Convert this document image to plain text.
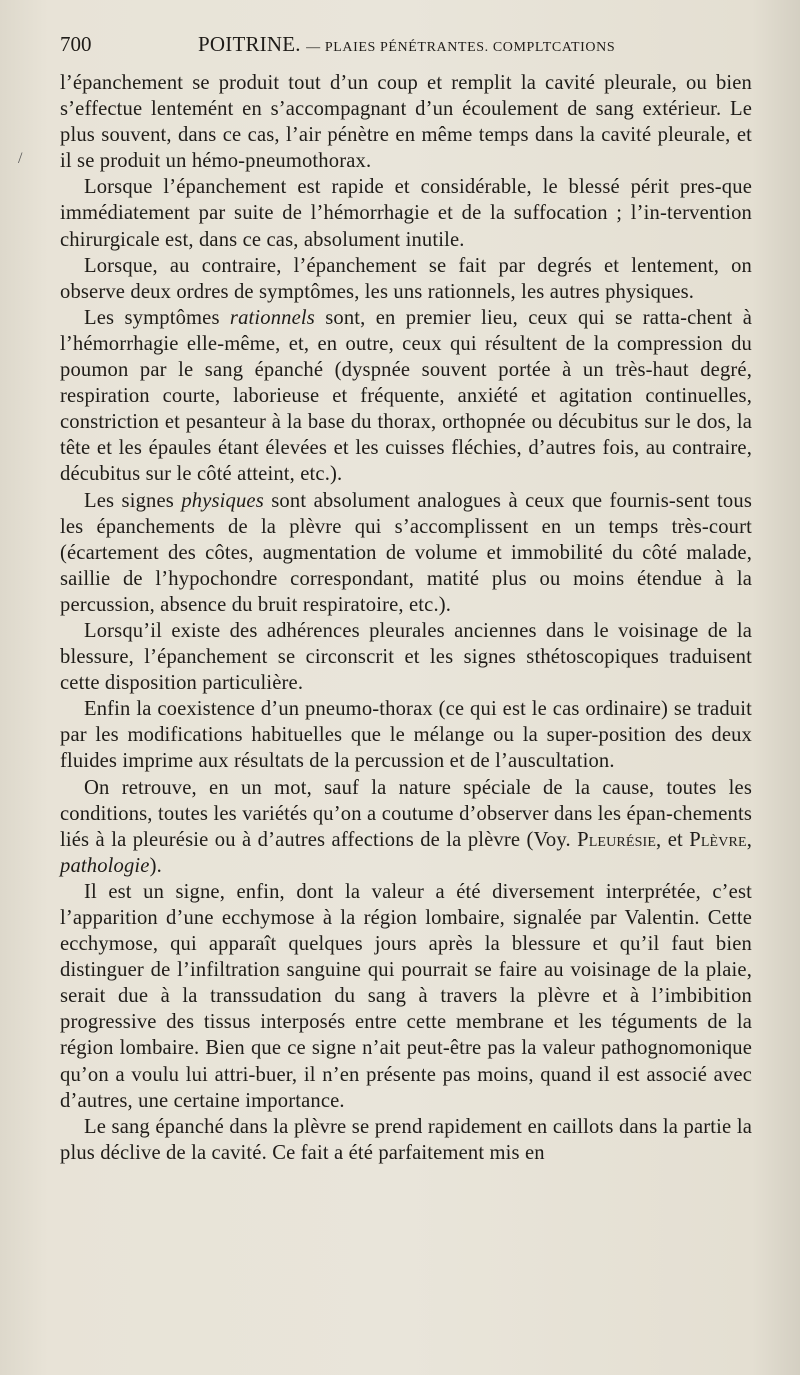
/
700	POITRINE. — PLAIES PÉNÉTRANTES. COMPLTCATIONS

l’épanchement se produit tout d’un coup et remplit la cavité pleurale, ou bien s’effectue lentemént en s’accompagnant d’un écoulement de sang extérieur. Le plus souvent, dans ce cas, l’air pénètre en même temps dans la cavité pleurale, et il se produit un hémo-pneumothorax.

Lorsque l’épanchement est rapide et considérable, le blessé périt pres-que immédiatement par suite de l’hémorrhagie et de la suffocation ; l’in-tervention chirurgicale est, dans ce cas, absolument inutile.

Lorsque, au contraire, l’épanchement se fait par degrés et lentement, on observe deux ordres de symptômes, les uns rationnels, les autres physiques.

Les symptômes rationnels sont, en premier lieu, ceux qui se ratta-chent à l’hémorrhagie elle-même, et, en outre, ceux qui résultent de la compression du poumon par le sang épanché (dyspnée souvent portée à un très-haut degré, respiration courte, laborieuse et fréquente, anxiété et agitation continuelles, constriction et pesanteur à la base du thorax, orthopnée ou décubitus sur le dos, la tête et les épaules étant élevées et les cuisses fléchies, d’autres fois, au contraire, décubitus sur le côté atteint, etc.).

Les signes physiques sont absolument analogues à ceux que fournis-sent tous les épanchements de la plèvre qui s’accomplissent en un temps très-court (écartement des côtes, augmentation de volume et immobilité du côté malade, saillie de l’hypochondre correspondant, matité plus ou moins étendue à la percussion, absence du bruit respiratoire, etc.).

Lorsqu’il existe des adhérences pleurales anciennes dans le voisinage de la blessure, l’épanchement se circonscrit et les signes sthétoscopiques traduisent cette disposition particulière.

Enfin la coexistence d’un pneumo-thorax (ce qui est le cas ordinaire) se traduit par les modifications habituelles que le mélange ou la super-position des deux fluides imprime aux résultats de la percussion et de l’auscultation.

On retrouve, en un mot, sauf la nature spéciale de la cause, toutes les conditions, toutes les variétés qu’on a coutume d’observer dans les épan-chements liés à la pleurésie ou à d’autres affections de la plèvre (Voy. Pleurésie, et Plèvre, pathologie).

Il est un signe, enfin, dont la valeur a été diversement interprétée, c’est l’apparition d’une ecchymose à la région lombaire, signalée par Valentin. Cette ecchymose, qui apparaît quelques jours après la blessure et qu’il faut bien distinguer de l’infiltration sanguine qui pourrait se faire au voisinage de la plaie, serait due à la transsudation du sang à travers la plèvre et à l’imbibition progressive des tissus interposés entre cette membrane et les téguments de la région lombaire. Bien que ce signe n’ait peut-être pas la valeur pathognomonique qu’on a voulu lui attri-buer, il n’en présente pas moins, quand il est associé avec d’autres, une certaine importance.

Le sang épanché dans la plèvre se prend rapidement en caillots dans la partie la plus déclive de la cavité. Ce fait a été parfaitement mis en
